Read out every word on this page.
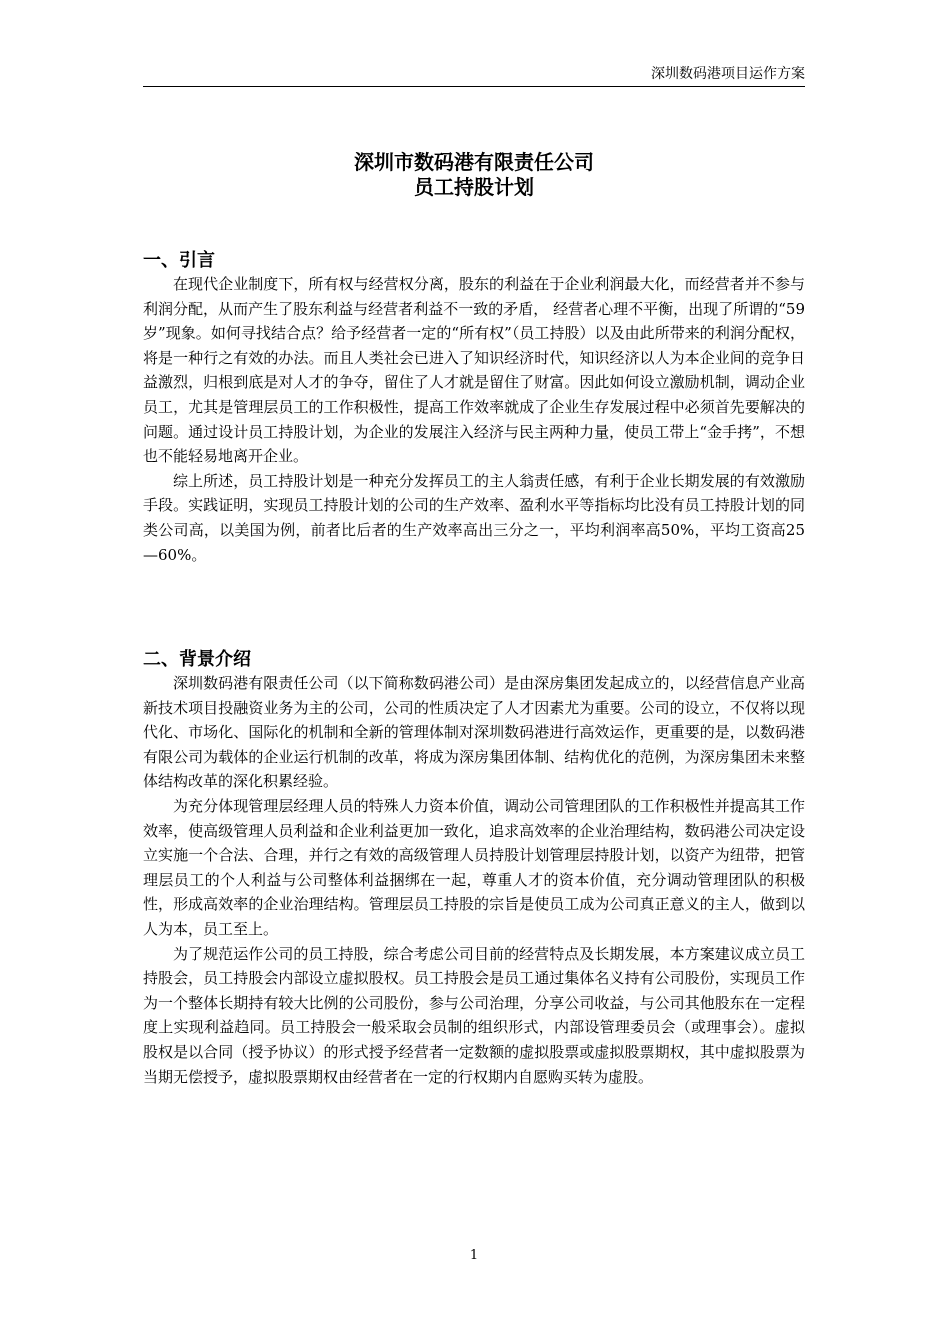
深圳数码港项目运作方案
深圳市数码港有限责任公司
员工持股计划
一、引言

在现代企业制度下，所有权与经营权分离，股东的利益在于企业利润最大化，而经营者并不参与利润分配，从而产生了股东利益与经营者利益不一致的矛盾， 经营者心理不平衡，出现了所谓的“59岁”现象。如何寻找结合点？给予经营者一定的“所有权”（员工持股）以及由此所带来的利润分配权，将是一种行之有效的办法。而且人类社会已进入了知识经济时代，知识经济以人为本企业间的竞争日益激烈，归根到底是对人才的争夺，留住了人才就是留住了财富。因此如何设立激励机制，调动企业员工，尤其是管理层员工的工作积极性，提高工作效率就成了企业生存发展过程中必须首先要解决的问题。通过设计员工持股计划，为企业的发展注入经济与民主两种力量，使员工带上“金手拷”，不想也不能轻易地离开企业。

综上所述，员工持股计划是一种充分发挥员工的主人翁责任感，有利于企业长期发展的有效激励手段。实践证明，实现员工持股计划的公司的生产效率、盈利水平等指标均比没有员工持股计划的同类公司高，以美国为例，前者比后者的生产效率高出三分之一，平均利润率高50%，平均工资高25—60%。

二、背景介绍

深圳数码港有限责任公司（以下简称数码港公司）是由深房集团发起成立的，以经营信息产业高新技术项目投融资业务为主的公司，公司的性质决定了人才因素尤为重要。公司的设立，不仅将以现代化、市场化、国际化的机制和全新的管理体制对深圳数码港进行高效运作，更重要的是，以数码港有限公司为载体的企业运行机制的改革，将成为深房集团体制、结构优化的范例，为深房集团未来整体结构改革的深化积累经验。

为充分体现管理层经理人员的特殊人力资本价值，调动公司管理团队的工作积极性并提高其工作效率，使高级管理人员利益和企业利益更加一致化，追求高效率的企业治理结构，数码港公司决定设立实施一个合法、合理，并行之有效的高级管理人员持股计划管理层持股计划，以资产为纽带，把管理层员工的个人利益与公司整体利益捆绑在一起，尊重人才的资本价值，充分调动管理团队的积极性，形成高效率的企业治理结构。管理层员工持股的宗旨是使员工成为公司真正意义的主人，做到以人为本，员工至上。

为了规范运作公司的员工持股，综合考虑公司目前的经营特点及长期发展，本方案建议成立员工持股会，员工持股会内部设立虚拟股权。员工持股会是员工通过集体名义持有公司股份，实现员工作为一个整体长期持有较大比例的公司股份，参与公司治理，分享公司收益，与公司其他股东在一定程度上实现利益趋同。员工持股会一般采取会员制的组织形式，内部设管理委员会（或理事会）。虚拟股权是以合同（授予协议）的形式授予经营者一定数额的虚拟股票或虚拟股票期权，其中虚拟股票为当期无偿授予，虚拟股票期权由经营者在一定的行权期内自愿购买转为虚股。

1
